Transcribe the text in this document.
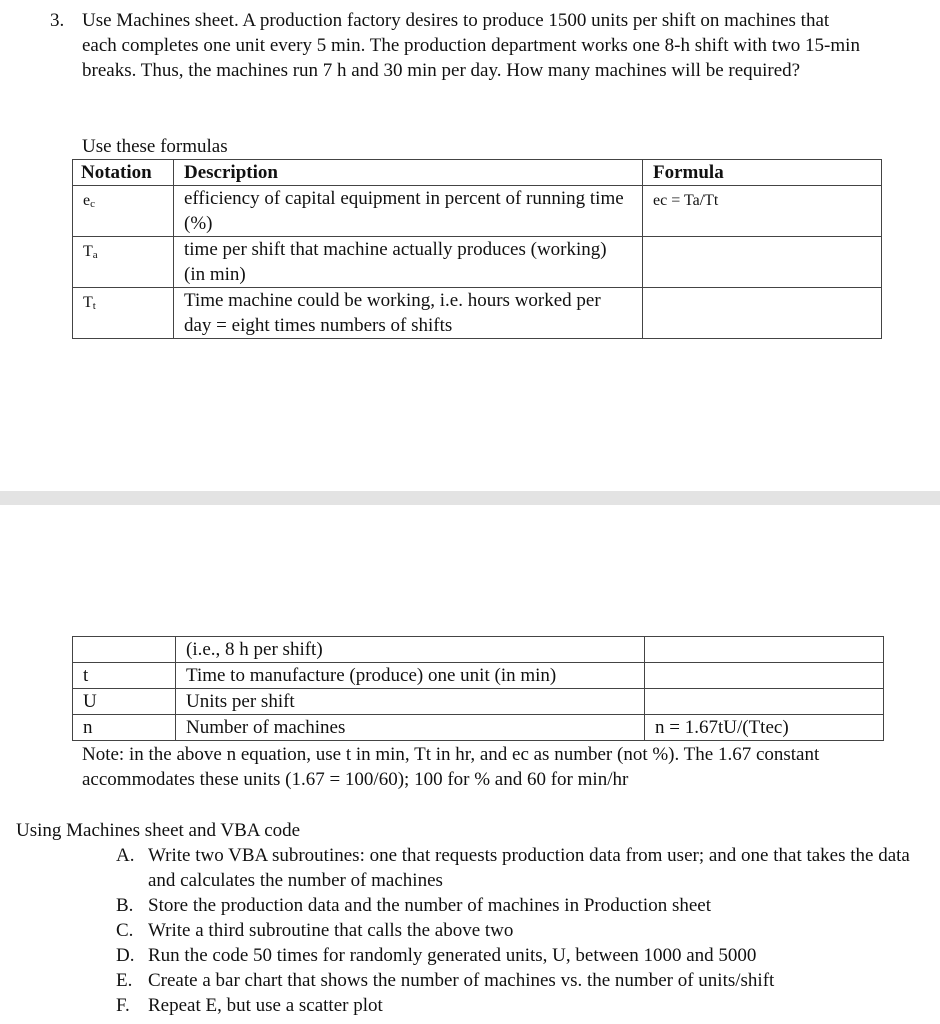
3. Use Machines sheet. A production factory desires to produce 1500 units per shift on machines that each completes one unit every 5 min. The production department works one 8-h shift with two 15-min breaks. Thus, the machines run 7 h and 30 min per day. How many machines will be required?
Use these formulas
Notation	Description	Formula
$e_c$	efficiency of capital equipment in percent of running time (%)	ec = Ta/Tt
$T_a$	time per shift that machine actually produces (working) (in min)	
$T_t$	Time machine could be working, i.e. hours worked per day = eight times numbers of shifts	
	(i.e., 8 h per shift)	
t	Time to manufacture (produce) one unit (in min)	
U	Units per shift	
n	Number of machines	n = 1.67tU/(Ttec)
Note: in the above n equation, use t in min, Tt in hr, and ec as number (not %). The 1.67 constant accommodates these units (1.67 = 100/60); 100 for % and 60 for min/hr
Using Machines sheet and VBA code
A. Write two VBA subroutines: one that requests production data from user; and one that takes the data and calculates the number of machines
B. Store the production data and the number of machines in Production sheet
C. Write a third subroutine that calls the above two
D. Run the code 50 times for randomly generated units, U, between 1000 and 5000
E. Create a bar chart that shows the number of machines vs. the number of units/shift
F. Repeat E, but use a scatter plot
